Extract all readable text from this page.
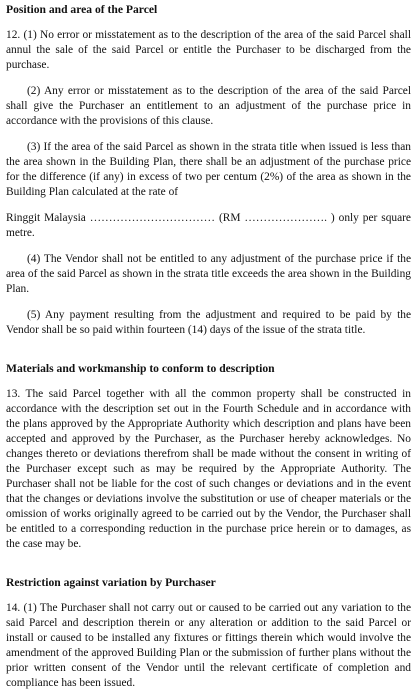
Position and area of the Parcel

12. (1) No error or misstatement as to the description of the area of the said Parcel shall annul the sale of the said Parcel or entitle the Purchaser to be discharged from the purchase.

(2) Any error or misstatement as to the description of the area of the said Parcel shall give the Purchaser an entitlement to an adjustment of the purchase price in accordance with the provisions of this clause.

(3) If the area of the said Parcel as shown in the strata title when issued is less than the area shown in the Building Plan, there shall be an adjustment of the purchase price for the difference (if any) in excess of two per centum (2%) of the area as shown in the Building Plan calculated at the rate of

Ringgit Malaysia …………………………… (RM …………………. ) only per square metre.

(4) The Vendor shall not be entitled to any adjustment of the purchase price if the area of the said Parcel as shown in the strata title exceeds the area shown in the Building Plan.

(5) Any payment resulting from the adjustment and required to be paid by the Vendor shall be so paid within fourteen (14) days of the issue of the strata title.

Materials and workmanship to conform to description

13. The said Parcel together with all the common property shall be constructed in accordance with the description set out in the Fourth Schedule and in accordance with the plans approved by the Appropriate Authority which description and plans have been accepted and approved by the Purchaser, as the Purchaser hereby acknowledges. No changes thereto or deviations therefrom shall be made without the consent in writing of the Purchaser except such as may be required by the Appropriate Authority. The Purchaser shall not be liable for the cost of such changes or deviations and in the event that the changes or deviations involve the substitution or use of cheaper materials or the omission of works originally agreed to be carried out by the Vendor, the Purchaser shall be entitled to a corresponding reduction in the purchase price herein or to damages, as the case may be.

Restriction against variation by Purchaser

14. (1) The Purchaser shall not carry out or caused to be carried out any variation to the said Parcel and description therein or any alteration or addition to the said Parcel or install or caused to be installed any fixtures or fittings therein which would involve the amendment of the approved Building Plan or the submission of further plans without the prior written consent of the Vendor until the relevant certificate of completion and compliance has been issued.
